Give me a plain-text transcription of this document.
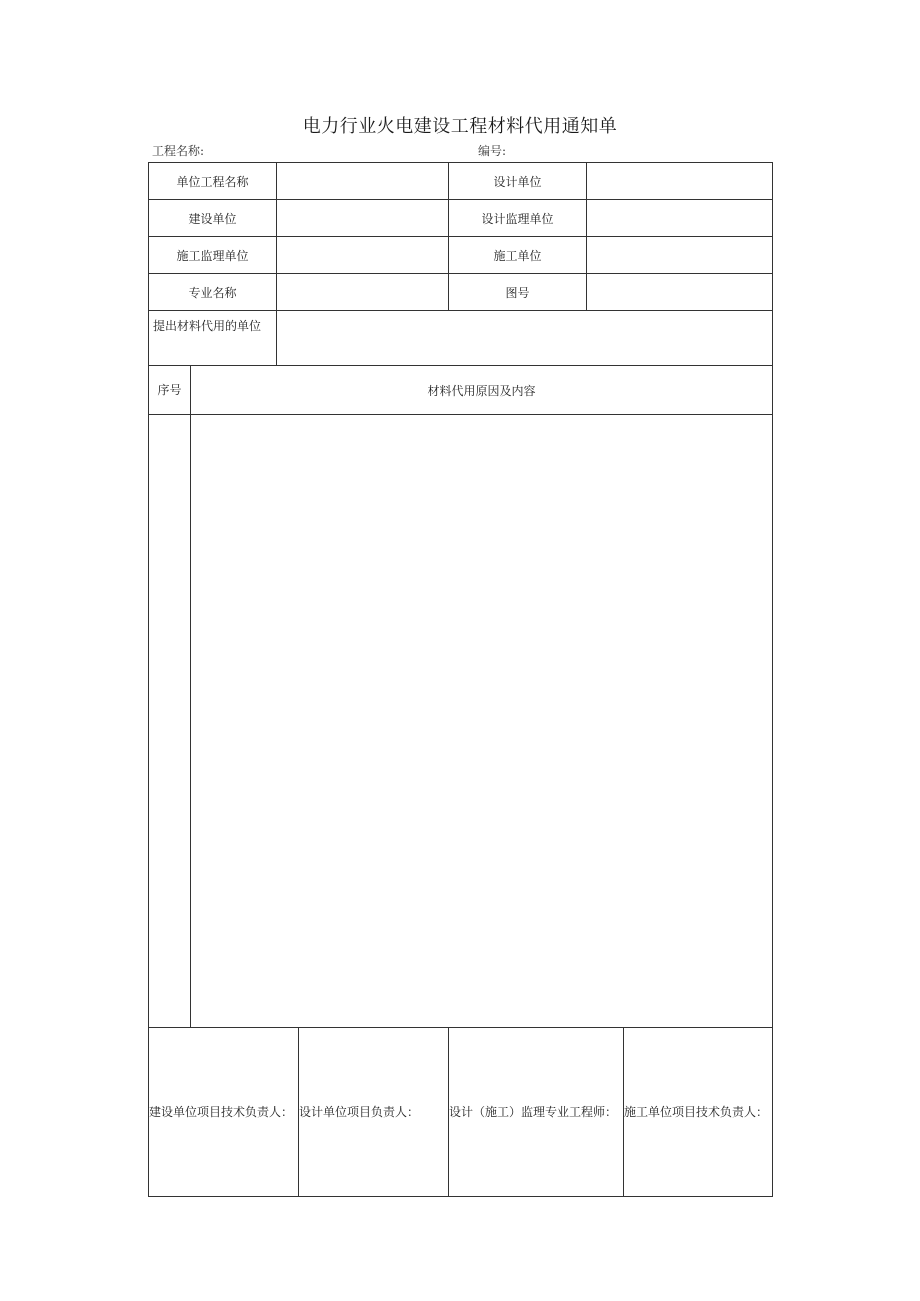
电力行业火电建设工程材料代用通知单
工程名称:	编号:
单位工程名称				设计单位		
建设单位				设计监理单位		
施工监理单位				施工单位		
专业名称				图号		
提出材料代用的单位						
序号	材料代用原因及内容					

建设单位项目技术负责人：			设计单位项目负责人：	设计（施工）监理专业工程师：		施工单位项目技术负责人：
